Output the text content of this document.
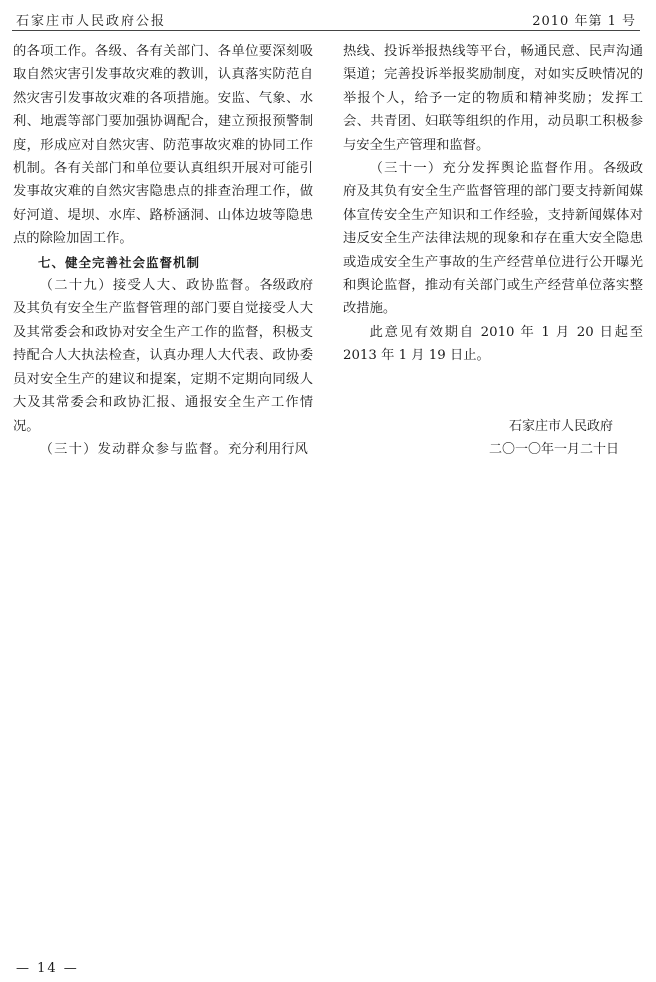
石家庄市人民政府公报	2010 年第 1 号

的各项工作。各级、各有关部门、各单位要深刻吸取自然灾害引发事故灾难的教训，认真落实防范自然灾害引发事故灾难的各项措施。安监、气象、水利、地震等部门要加强协调配合，建立预报预警制度，形成应对自然灾害、防范事故灾难的协同工作机制。各有关部门和单位要认真组织开展对可能引发事故灾难的自然灾害隐患点的排查治理工作，做好河道、堤坝、水库、路桥涵洞、山体边坡等隐患点的除险加固工作。

七、健全完善社会监督机制

（二十九）接受人大、政协监督。各级政府及其负有安全生产监督管理的部门要自觉接受人大及其常委会和政协对安全生产工作的监督，积极支持配合人大执法检查，认真办理人大代表、政协委员对安全生产的建议和提案，定期不定期向同级人大及其常委会和政协汇报、通报安全生产工作情况。

（三十）发动群众参与监督。充分利用行风

热线、投诉举报热线等平台，畅通民意、民声沟通渠道；完善投诉举报奖励制度，对如实反映情况的举报个人，给予一定的物质和精神奖励；发挥工会、共青团、妇联等组织的作用，动员职工积极参与安全生产管理和监督。

（三十一）充分发挥舆论监督作用。各级政府及其负有安全生产监督管理的部门要支持新闻媒体宣传安全生产知识和工作经验，支持新闻媒体对违反安全生产法律法规的现象和存在重大安全隐患或造成安全生产事故的生产经营单位进行公开曝光和舆论监督，推动有关部门或生产经营单位落实整改措施。

此意见有效期自 2010 年 1 月 20 日起至 2013 年 1 月 19 日止。

石家庄市人民政府

二〇一〇年一月二十日

— 14 —
